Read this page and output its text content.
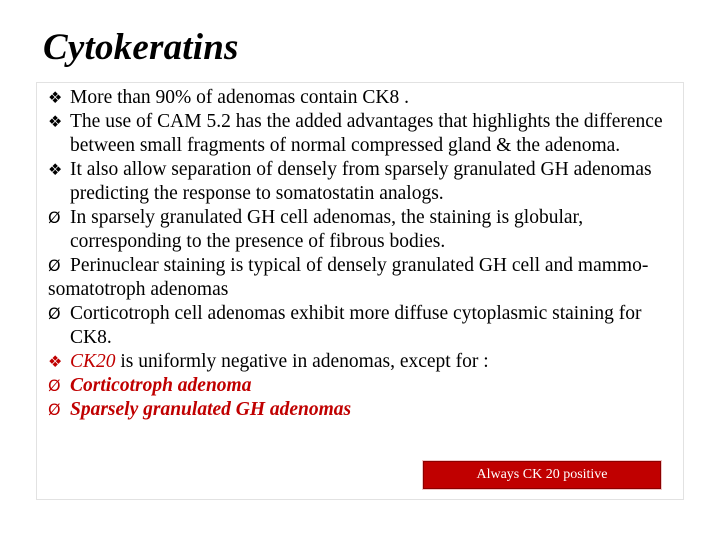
Cytokeratins
❖ More than 90% of adenomas contain CK8 .
❖ The use of CAM 5.2 has the added advantages that highlights the difference between small fragments of normal compressed gland & the adenoma.
❖ It also allow separation of densely from sparsely granulated GH adenomas predicting the response to somatostatin analogs.
Ø In sparsely granulated GH cell adenomas, the staining is globular, corresponding to the presence of fibrous bodies.
Ø Perinuclear staining is typical of densely granulated GH cell and mammo-somatotroph adenomas
Ø Corticotroph cell adenomas exhibit more diffuse cytoplasmic staining for CK8.
❖ CK20 is uniformly negative in adenomas, except for :
Ø Corticotroph adenoma
Ø Sparsely granulated GH adenomas
Always CK 20 positive
